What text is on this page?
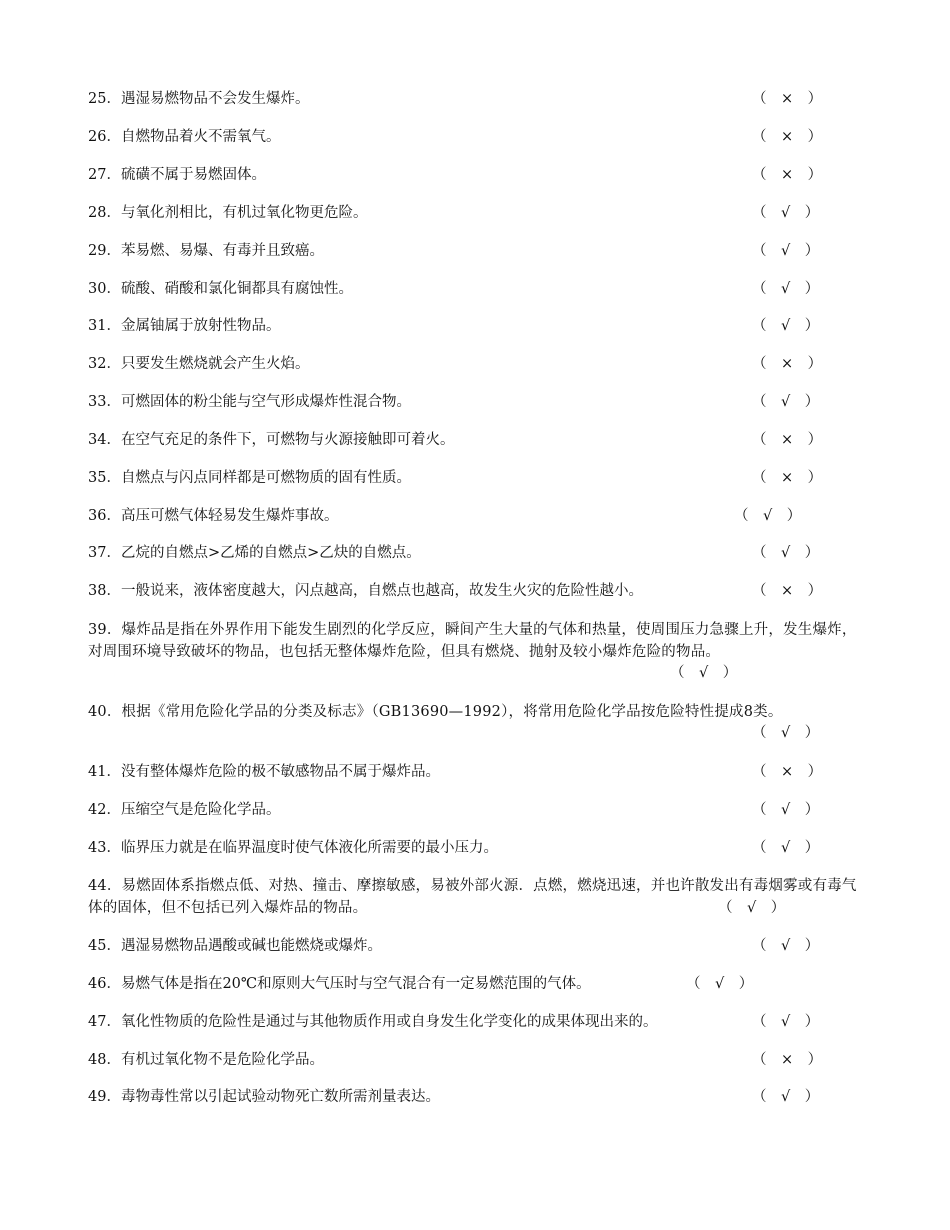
25．遇湿易燃物品不会发生爆炸。	（　×　）
26．自燃物品着火不需氧气。	（　×　）
27．硫磺不属于易燃固体。	（　×　）
28．与氧化剂相比，有机过氧化物更危险。	（　√　）
29．苯易燃、易爆、有毒并且致癌。	（　√　）
30．硫酸、硝酸和氯化铜都具有腐蚀性。	（　√　）
31．金属铀属于放射性物品。	（　√　）
32．只要发生燃烧就会产生火焰。	（　×　）
33．可燃固体的粉尘能与空气形成爆炸性混合物。	（　√　）
34．在空气充足的条件下，可燃物与火源接触即可着火。	（　×　）
35．自燃点与闪点同样都是可燃物质的固有性质。	（　×　）
36．高压可燃气体轻易发生爆炸事故。	（　√　）
37．乙烷的自燃点>乙烯的自燃点>乙炔的自燃点。	（　√　）
38．一般说来，液体密度越大，闪点越高，自燃点也越高，故发生火灾的危险性越小。	（　×　）
39．爆炸品是指在外界作用下能发生剧烈的化学反应，瞬间产生大量的气体和热量，使周围压力急骤上升，发生爆炸，对周围环境导致破坏的物品，也包括无整体爆炸危险，但具有燃烧、抛射及较小爆炸危险的物品。
（　√　）
40．根据《常用危险化学品的分类及标志》（GB13690—1992），将常用危险化学品按危险特性提成8类。
（　√　）
41．没有整体爆炸危险的极不敏感物品不属于爆炸品。	（　×　）
42．压缩空气是危险化学品。	（　√　）
43．临界压力就是在临界温度时使气体液化所需要的最小压力。	（　√　）
44．易燃固体系指燃点低、对热、撞击、摩擦敏感，易被外部火源．点燃，燃烧迅速，并也许散发出有毒烟雾或有毒气体的固体，但不包括已列入爆炸品的物品。	（　√　）
45．遇湿易燃物品遇酸或碱也能燃烧或爆炸。	（　√　）
46．易燃气体是指在20℃和原则大气压时与空气混合有一定易燃范围的气体。	（　√　）
47．氧化性物质的危险性是通过与其他物质作用或自身发生化学变化的成果体现出来的。	（　√　）
48．有机过氧化物不是危险化学品。	（　×　）
49．毒物毒性常以引起试验动物死亡数所需剂量表达。	（　√　）
